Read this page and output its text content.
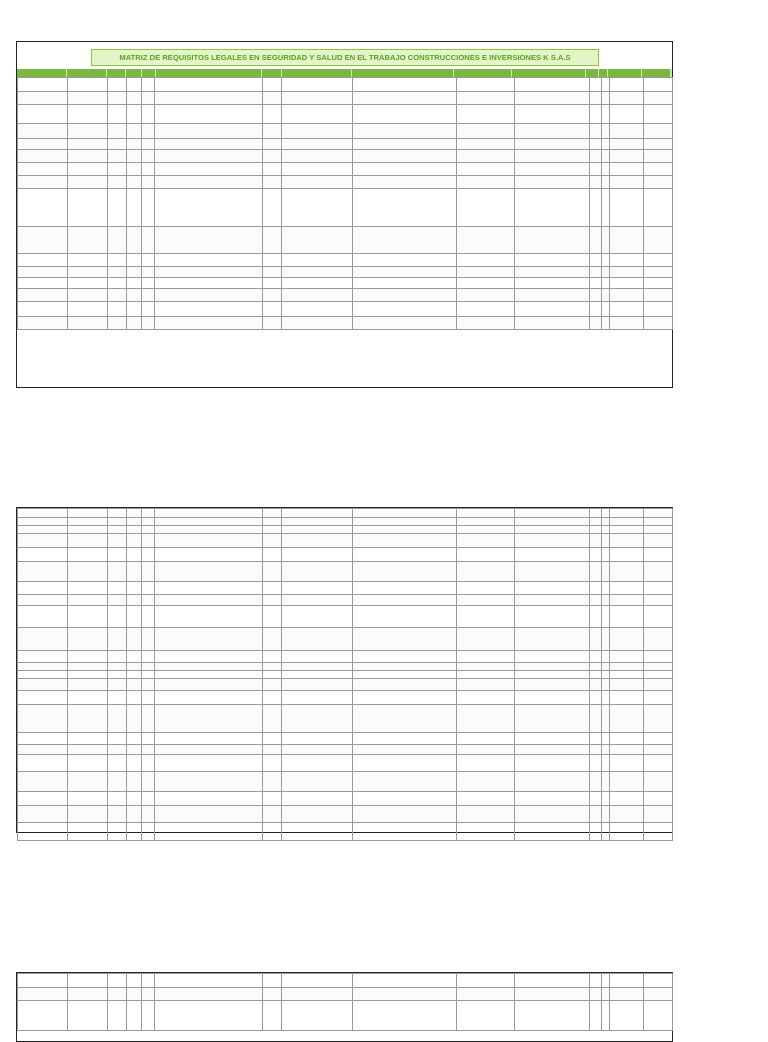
MATRIZ DE REQUISITOS LEGALES EN SEGURIDAD Y SALUD EN EL TRABAJO CONSTRUCCIONES E INVERSIONES K S.A.S
